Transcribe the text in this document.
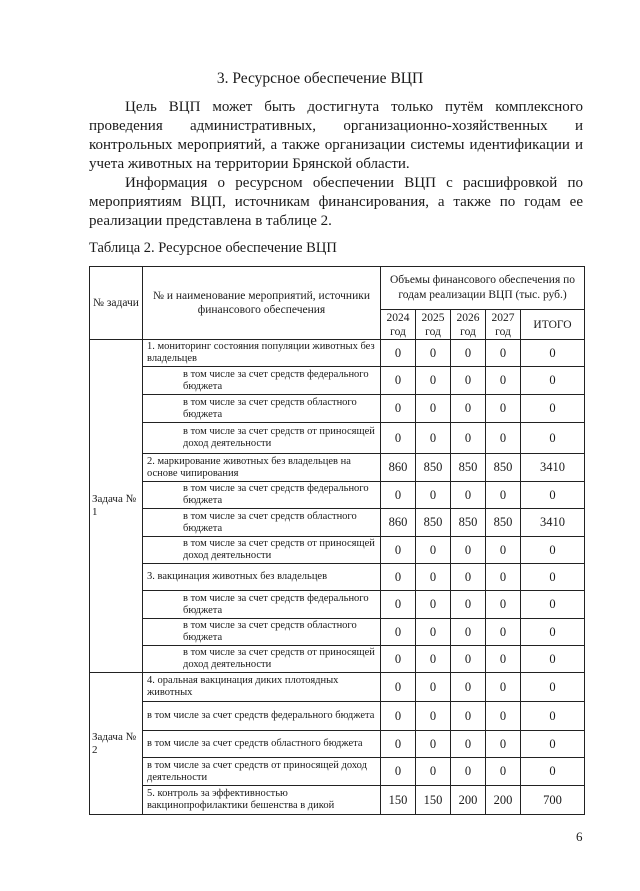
3. Ресурсное обеспечение ВЦП

Цель ВЦП может быть достигнута только путём комплексного проведения административных, организационно-хозяйственных и контрольных мероприятий, а также организации системы идентификации и учета животных на территории Брянской области.

Информация о ресурсном обеспечении ВЦП с расшифровкой по мероприятиям ВЦП, источникам финансирования, а также по годам ее реализации представлена в таблице 2.

Таблица 2. Ресурсное обеспечение ВЦП
№ задачи	№ и наименование мероприятий, источники финансового обеспечения	Объемы финансового обеспечения по годам реализации ВЦП (тыс. руб.)				
		2024 год	2025 год	2026 год	2027 год	ИТОГО
Задача № 1	1. мониторинг состояния популяции животных без владельцев	0	0	0	0	0
	в том числе за счет средств федерального бюджета	0	0	0	0	0
	в том числе за счет средств областного бюджета	0	0	0	0	0
	в том числе за счет средств от приносящей доход деятельности	0	0	0	0	0
	2. маркирование животных без владельцев на основе чипирования	860	850	850	850	3410
	в том числе за счет средств федерального бюджета	0	0	0	0	0
	в том числе за счет средств областного бюджета	860	850	850	850	3410
	в том числе за счет средств от приносящей доход деятельности	0	0	0	0	0
	3. вакцинация животных без владельцев	0	0	0	0	0
	в том числе за счет средств федерального бюджета	0	0	0	0	0
	в том числе за счет средств областного бюджета	0	0	0	0	0
	в том числе за счет средств от приносящей доход деятельности	0	0	0	0	0
Задача № 2	4. оральная вакцинация диких плотоядных животных	0	0	0	0	0
	в том числе за счет средств федерального бюджета	0	0	0	0	0
	в том числе за счет средств областного бюджета	0	0	0	0	0
	в том числе за счет средств от приносящей доход деятельности	0	0	0	0	0
	5. контроль за эффективностью вакцинопрофилактики бешенства в дикой	150	150	200	200	700
6
